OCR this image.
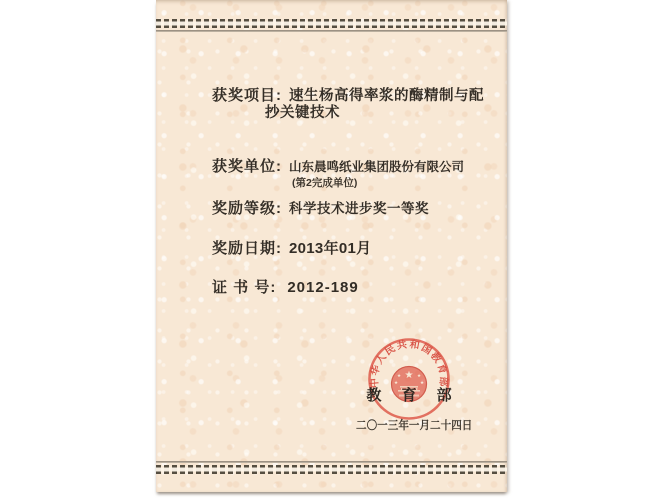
获奖项目: 速生杨高得率浆的酶精制与配
抄关键技术
获奖单位: 山东晨鸣纸业集团股份有限公司
(第2完成单位)
奖励等级: 科学技术进步奖一等奖
奖励日期: 2013年01月
证 书 号: 2012-189
中华人民共和国教育部
★
★	★
★	★
教 育 部
二〇一三年一月二十四日
